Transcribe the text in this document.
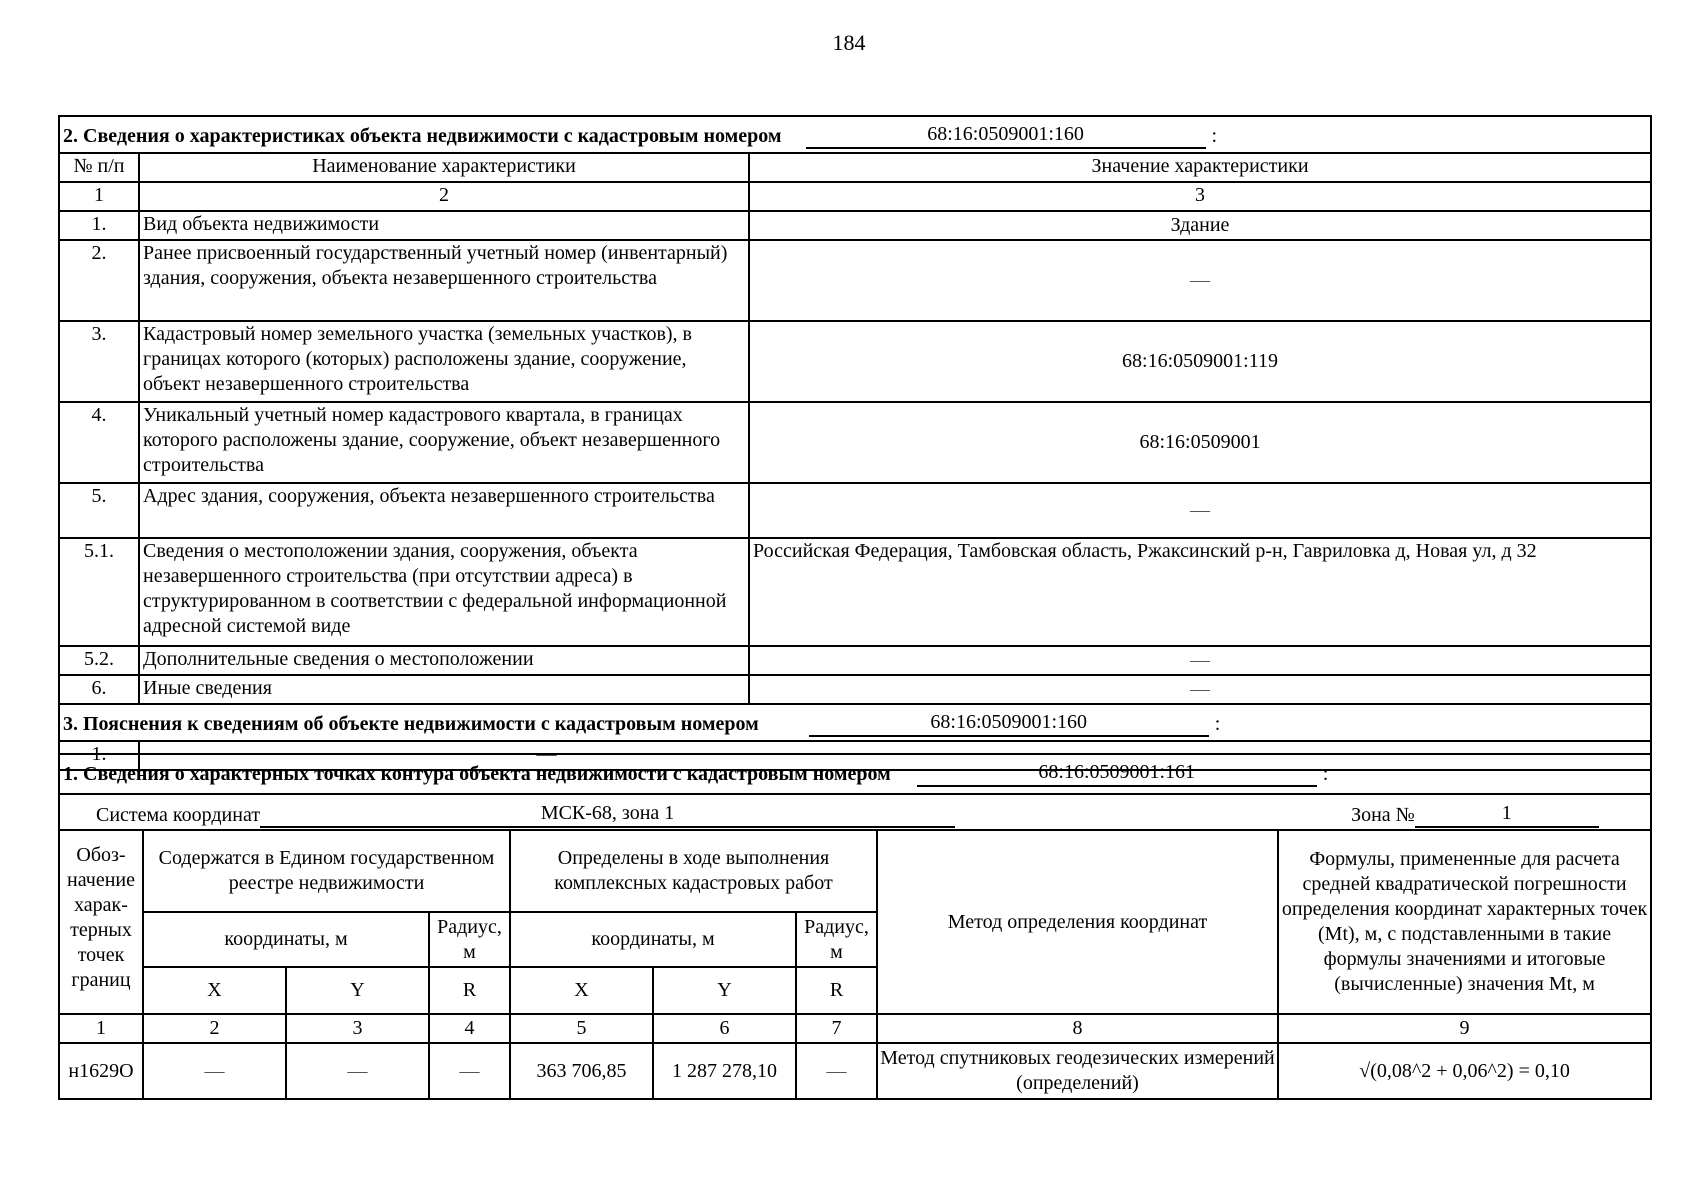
184
2. Сведения о характеристиках объекта недвижимости с кадастровым номером 68:16:0509001:160 :		

№ п/п	Наименование характеристики	Значение характеристики
1	2	3
1.	Вид объекта недвижимости	Здание
2.	Ранее присвоенный государственный учетный номер (инвентарный) здания, сооружения, объекта незавершенного строительства	—
3.	Кадастровый номер земельного участка (земельных участков), в границах которого (которых) расположены здание, сооружение, объект незавершенного строительства	68:16:0509001:119
4.	Уникальный учетный номер кадастрового квартала, в границах которого расположены здание, сооружение, объект незавершенного строительства	68:16:0509001
5.	Адрес здания, сооружения, объекта незавершенного строительства	—
5.1.	Сведения о местоположении здания, сооружения, объекта незавершенного строительства (при отсутствии адреса) в структурированном в соответствии с федеральной информационной адресной системой виде	Российская Федерация, Тамбовская область, Ржаксинский р-н, Гавриловка д, Новая ул, д 32
5.2.	Дополнительные сведения о местоположении	—
6.	Иные сведения	—

3. Пояснения к сведениям об объекте недвижимости с кадастровым номером 68:16:0509001:160 :		

1.	—	
1. Сведения о характерных точках контура объекта недвижимости с кадастровым номером 68:16:0509001:161 :								

Система координат МСК-68, зона 1 Зона № 1								

Обоз-начение харак-терных точек границ	Содержатся в Едином государственном реестре недвижимости			Определены в ходе выполнения комплексных кадастровых работ			Метод определения координат	Формулы, примененные для расчета средней квадратической погрешности определения координат характерных точек (Mt), м, с подставленными в такие формулы значениями и итоговые (вычисленные) значения Mt, м
	координаты, м		Радиус, м	координаты, м		Радиус, м		
	X	Y	R	X	Y	R		
1	2	3	4	5	6	7	8	9
н1629О	—	—	—	363 706,85	1 287 278,10	—	Метод спутниковых геодезических измерений (определений)	√(0,08^2 + 0,06^2) = 0,10
